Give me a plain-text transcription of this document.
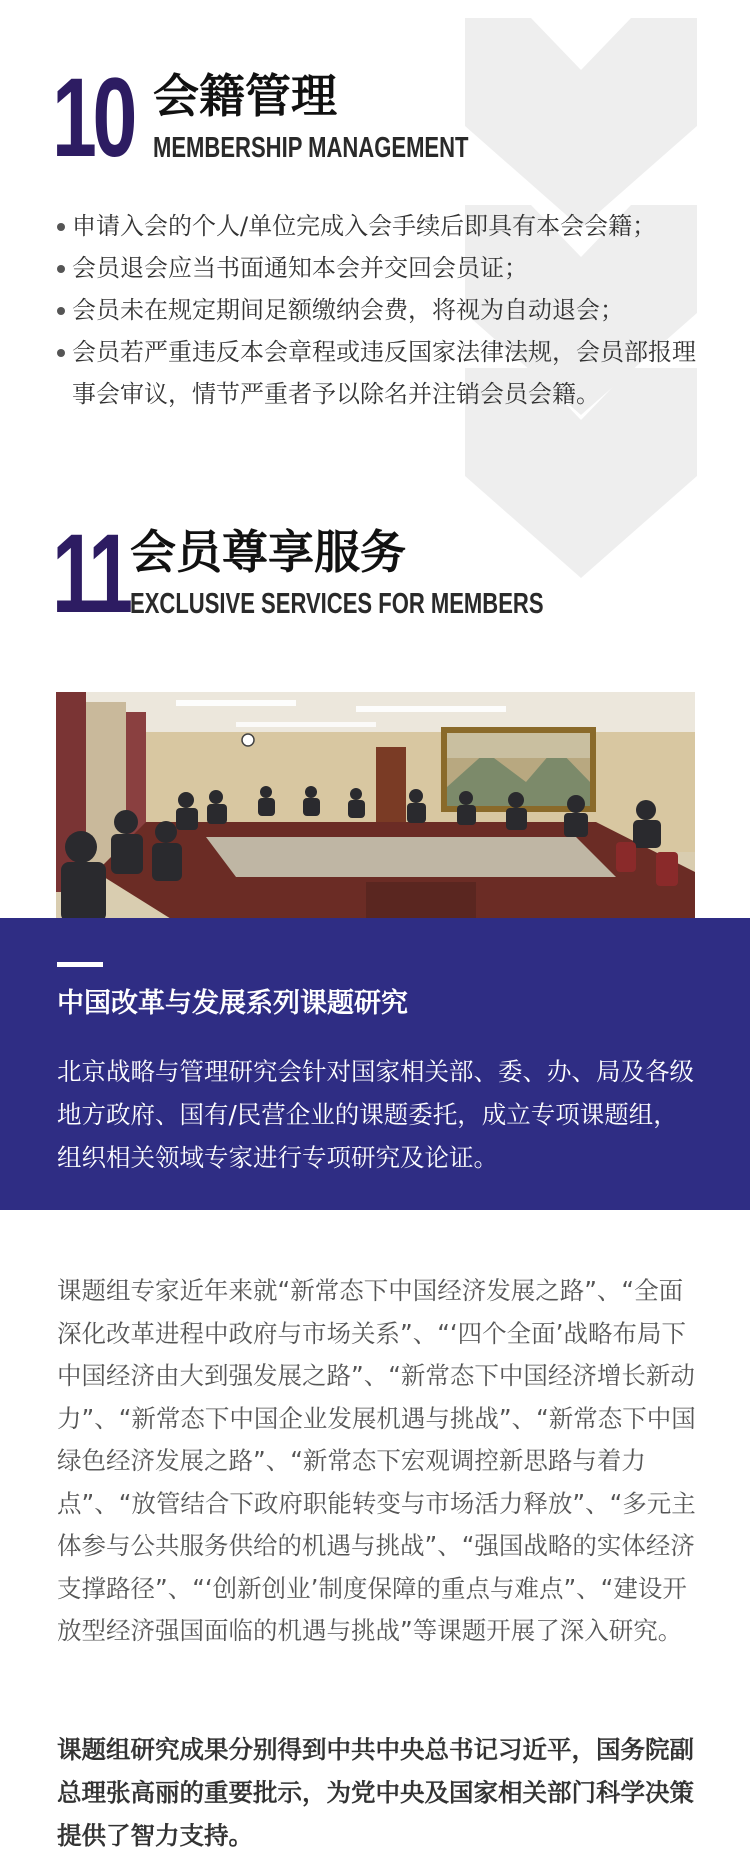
10 会籍管理
MEMBERSHIP MANAGEMENT
申请入会的个人/单位完成入会手续后即具有本会会籍；
会员退会应当书面通知本会并交回会员证；
会员未在规定期间足额缴纳会费，将视为自动退会；
会员若严重违反本会章程或违反国家法律法规，会员部报理事会审议，情节严重者予以除名并注销会员会籍。
11 会员尊享服务
EXCLUSIVE SERVICES FOR MEMBERS
中国改革与发展系列课题研究
北京战略与管理研究会针对国家相关部、委、办、局及各级地方政府、国有/民营企业的课题委托，成立专项课题组，组织相关领域专家进行专项研究及论证。
课题组专家近年来就“新常态下中国经济发展之路”、“全面深化改革进程中政府与市场关系”、“‘四个全面’战略布局下中国经济由大到强发展之路”、“新常态下中国经济增长新动力”、“新常态下中国企业发展机遇与挑战”、“新常态下中国绿色经济发展之路”、“新常态下宏观调控新思路与着力点”、“放管结合下政府职能转变与市场活力释放”、“多元主体参与公共服务供给的机遇与挑战”、“强国战略的实体经济支撑路径”、“‘创新创业’制度保障的重点与难点”、“建设开放型经济强国面临的机遇与挑战”等课题开展了深入研究。
课题组研究成果分别得到中共中央总书记习近平，国务院副总理张高丽的重要批示，为党中央及国家相关部门科学决策提供了智力支持。
